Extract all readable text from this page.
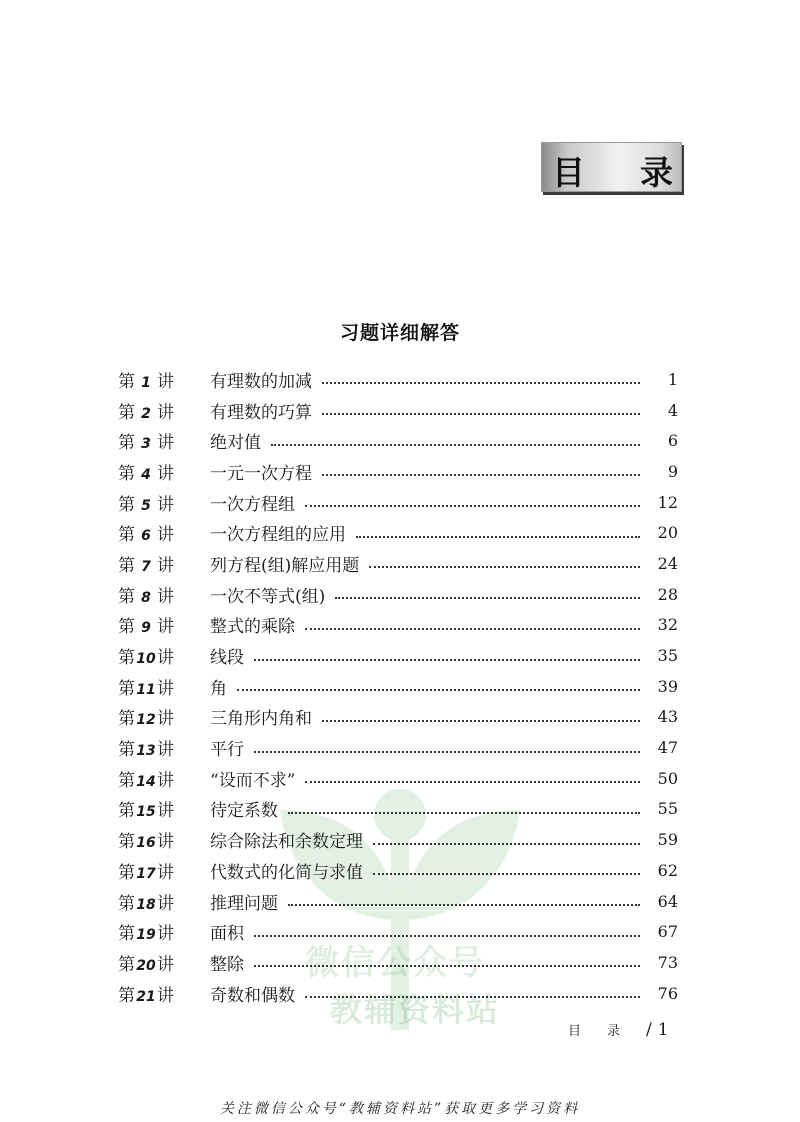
目 录
习题详细解答
微信公众号
教辅资料站
第 1 讲	有理数的加减	1
第 2 讲	有理数的巧算	4
第 3 讲	绝对值	6
第 4 讲	一元一次方程	9
第 5 讲	一次方程组	12
第 6 讲	一次方程组的应用	20
第 7 讲	列方程(组)解应用题	24
第 8 讲	一次不等式(组)	28
第 9 讲	整式的乘除	32
第10讲	线段	35
第11讲	角	39
第12讲	三角形内角和	43
第13讲	平行	47
第14讲	“设而不求”	50
第15讲	待定系数	55
第16讲	综合除法和余数定理	59
第17讲	代数式的化简与求值	62
第18讲	推理问题	64
第19讲	面积	67
第20讲	整除	73
第21讲	奇数和偶数	76
目录 / 1
关注微信公众号“教辅资料站”获取更多学习资料
